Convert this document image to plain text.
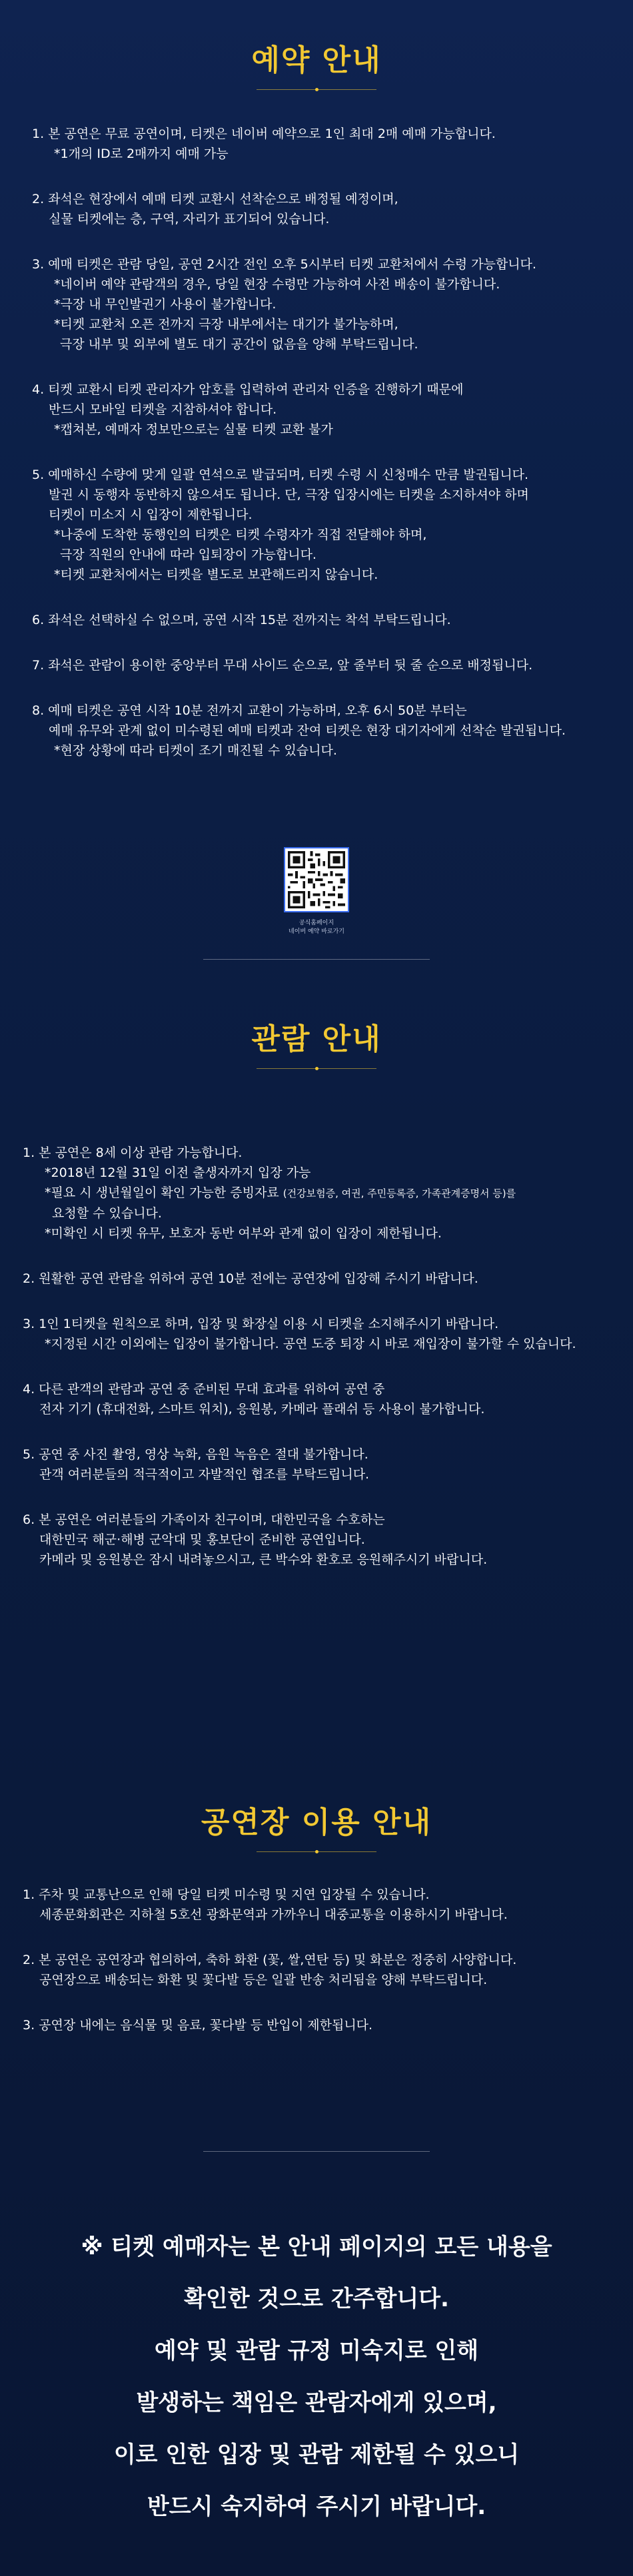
예약 안내
1. 본 공연은 무료 공연이며, 티켓은 네이버 예약으로 1인 최대 2매 예매 가능합니다.
*1개의 ID로 2매까지 예매 가능
2. 좌석은 현장에서 예매 티켓 교환시 선착순으로 배정될 예정이며,
실물 티켓에는 층, 구역, 자리가 표기되어 있습니다.
3. 예매 티켓은 관람 당일, 공연 2시간 전인 오후 5시부터 티켓 교환처에서 수령 가능합니다.
*네이버 예약 관람객의 경우, 당일 현장 수령만 가능하여 사전 배송이 불가합니다.
*극장 내 무인발권기 사용이 불가합니다.
*티켓 교환처 오픈 전까지 극장 내부에서는 대기가 불가능하며,
극장 내부 및 외부에 별도 대기 공간이 없음을 양해 부탁드립니다.
4. 티켓 교환시 티켓 관리자가 암호를 입력하여 관리자 인증을 진행하기 때문에
반드시 모바일 티켓을 지참하셔야 합니다.
*캡쳐본, 예매자 정보만으로는 실물 티켓 교환 불가
5. 예매하신 수량에 맞게 일괄 연석으로 발급되며, 티켓 수령 시 신청매수 만큼 발권됩니다.
발권 시 동행자 동반하지 않으셔도 됩니다. 단, 극장 입장시에는 티켓을 소지하셔야 하며
티켓이 미소지 시 입장이 제한됩니다.
*나중에 도착한 동행인의 티켓은 티켓 수령자가 직접 전달해야 하며,
극장 직원의 안내에 따라 입퇴장이 가능합니다.
*티켓 교환처에서는 티켓을 별도로 보관해드리지 않습니다.
6. 좌석은 선택하실 수 없으며, 공연 시작 15분 전까지는 착석 부탁드립니다.
7. 좌석은 관람이 용이한 중앙부터 무대 사이드 순으로, 앞 줄부터 뒷 줄 순으로 배정됩니다.
8. 예매 티켓은 공연 시작 10분 전까지 교환이 가능하며, 오후 6시 50분 부터는
예매 유무와 관계 없이 미수령된 예매 티켓과 잔여 티켓은 현장 대기자에게 선착순 발권됩니다.
*현장 상황에 따라 티켓이 조기 매진될 수 있습니다.
공식홈페이지
네이버 예약 바로가기
관람 안내
1. 본 공연은 8세 이상 관람 가능합니다.
*2018년 12월 31일 이전 출생자까지 입장 가능
*필요 시 생년월일이 확인 가능한 증빙자료 (건강보험증, 여권, 주민등록증, 가족관계증명서 등)를
요청할 수 있습니다.
*미확인 시 티켓 유무, 보호자 동반 여부와 관계 없이 입장이 제한됩니다.
2. 원활한 공연 관람을 위하여 공연 10분 전에는 공연장에 입장해 주시기 바랍니다.
3. 1인 1티켓을 원칙으로 하며, 입장 및 화장실 이용 시 티켓을 소지해주시기 바랍니다.
*지정된 시간 이외에는 입장이 불가합니다. 공연 도중 퇴장 시 바로 재입장이 불가할 수 있습니다.
4. 다른 관객의 관람과 공연 중 준비된 무대 효과를 위하여 공연 중
전자 기기 (휴대전화, 스마트 워치), 응원봉, 카메라 플래쉬 등 사용이 불가합니다.
5. 공연 중 사진 촬영, 영상 녹화, 음원 녹음은 절대 불가합니다.
관객 여러분들의 적극적이고 자발적인 협조를 부탁드립니다.
6. 본 공연은 여러분들의 가족이자 친구이며, 대한민국을 수호하는
대한민국 해군·해병 군악대 및 홍보단이 준비한 공연입니다.
카메라 및 응원봉은 잠시 내려놓으시고, 큰 박수와 환호로 응원해주시기 바랍니다.
공연장 이용 안내
1. 주차 및 교통난으로 인해 당일 티켓 미수령 및 지연 입장될 수 있습니다.
세종문화회관은 지하철 5호선 광화문역과 가까우니 대중교통을 이용하시기 바랍니다.
2. 본 공연은 공연장과 협의하여, 축하 화환 (꽃, 쌀,연탄 등) 및 화분은 정중히 사양합니다.
공연장으로 배송되는 화환 및 꽃다발 등은 일괄 반송 처리됨을 양해 부탁드립니다.
3. 공연장 내에는 음식물 및 음료, 꽃다발 등 반입이 제한됩니다.
※ 티켓 예매자는 본 안내 페이지의 모든 내용을
확인한 것으로 간주합니다.
예약 및 관람 규정 미숙지로 인해
발생하는 책임은 관람자에게 있으며,
이로 인한 입장 및 관람 제한될 수 있으니
반드시 숙지하여 주시기 바랍니다.
